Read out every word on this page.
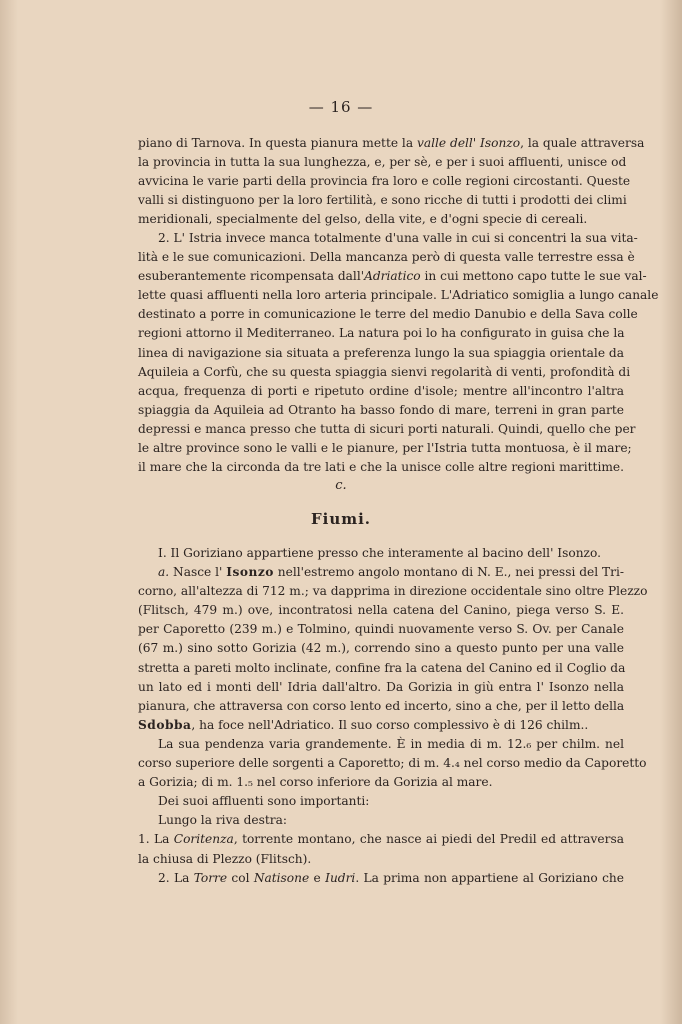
— 16 —
piano di Tarnova. In questa pianura mette la valle dell' Isonzo, la quale attraversa
la provincia in tutta la sua lunghezza, e, per sè, e per i suoi affluenti, unisce od
avvicina le varie parti della provincia fra loro e colle regioni circostanti. Queste
valli si distinguono per la loro fertilità, e sono ricche di tutti i prodotti dei climi
meridionali, specialmente del gelso, della vite, e d'ogni specie di cereali.
2. L' Istria invece manca totalmente d'una valle in cui si concentri la sua vita-
lità e le sue comunicazioni. Della mancanza però di questa valle terrestre essa è
esuberantemente ricompensata dall'Adriatico in cui mettono capo tutte le sue val-
lette quasi affluenti nella loro arteria principale. L'Adriatico somiglia a lungo canale
destinato a porre in comunicazione le terre del medio Danubio e della Sava colle
regioni attorno il Mediterraneo. La natura poi lo ha configurato in guisa che la
linea di navigazione sia situata a preferenza lungo la sua spiaggia orientale da
Aquileia a Corfù, che su questa spiaggia sienvi regolarità di venti, profondità di
acqua, frequenza di porti e ripetuto ordine d'isole; mentre all'incontro l'altra
spiaggia da Aquileia ad Otranto ha basso fondo di mare, terreni in gran parte
depressi e manca presso che tutta di sicuri porti naturali. Quindi, quello che per
le altre province sono le valli e le pianure, per l'Istria tutta montuosa, è il mare;
il mare che la circonda da tre lati e che la unisce colle altre regioni marittime.
c.
Fiumi.
I. Il Goriziano appartiene presso che interamente al bacino dell' Isonzo.
a. Nasce l' Isonzo nell'estremo angolo montano di N. E., nei pressi del Tri-
corno, all'altezza di 712 m.; va dapprima in direzione occidentale sino oltre Plezzo
(Flitsch, 479 m.) ove, incontratosi nella catena del Canino, piega verso S. E.
per Caporetto (239 m.) e Tolmino, quindi nuovamente verso S. Ov. per Canale
(67 m.) sino sotto Gorizia (42 m.), correndo sino a questo punto per una valle
stretta a pareti molto inclinate, confine fra la catena del Canino ed il Coglio da
un lato ed i monti dell' Idria dall'altro. Da Gorizia in giù entra l' Isonzo nella
pianura, che attraversa con corso lento ed incerto, sino a che, per il letto della
Sdobba, ha foce nell'Adriatico. Il suo corso complessivo è di 126 chilm..
La sua pendenza varia grandemente. È in media di m. 12.₆ per chilm. nel
corso superiore delle sorgenti a Caporetto; di m. 4.₄ nel corso medio da Caporetto
a Gorizia; di m. 1.₅ nel corso inferiore da Gorizia al mare.
Dei suoi affluenti sono importanti:
Lungo la riva destra:
1. La Coritenza, torrente montano, che nasce ai piedi del Predil ed attraversa
la chiusa di Plezzo (Flitsch).
2. La Torre col Natisone e Iudri. La prima non appartiene al Goriziano che
